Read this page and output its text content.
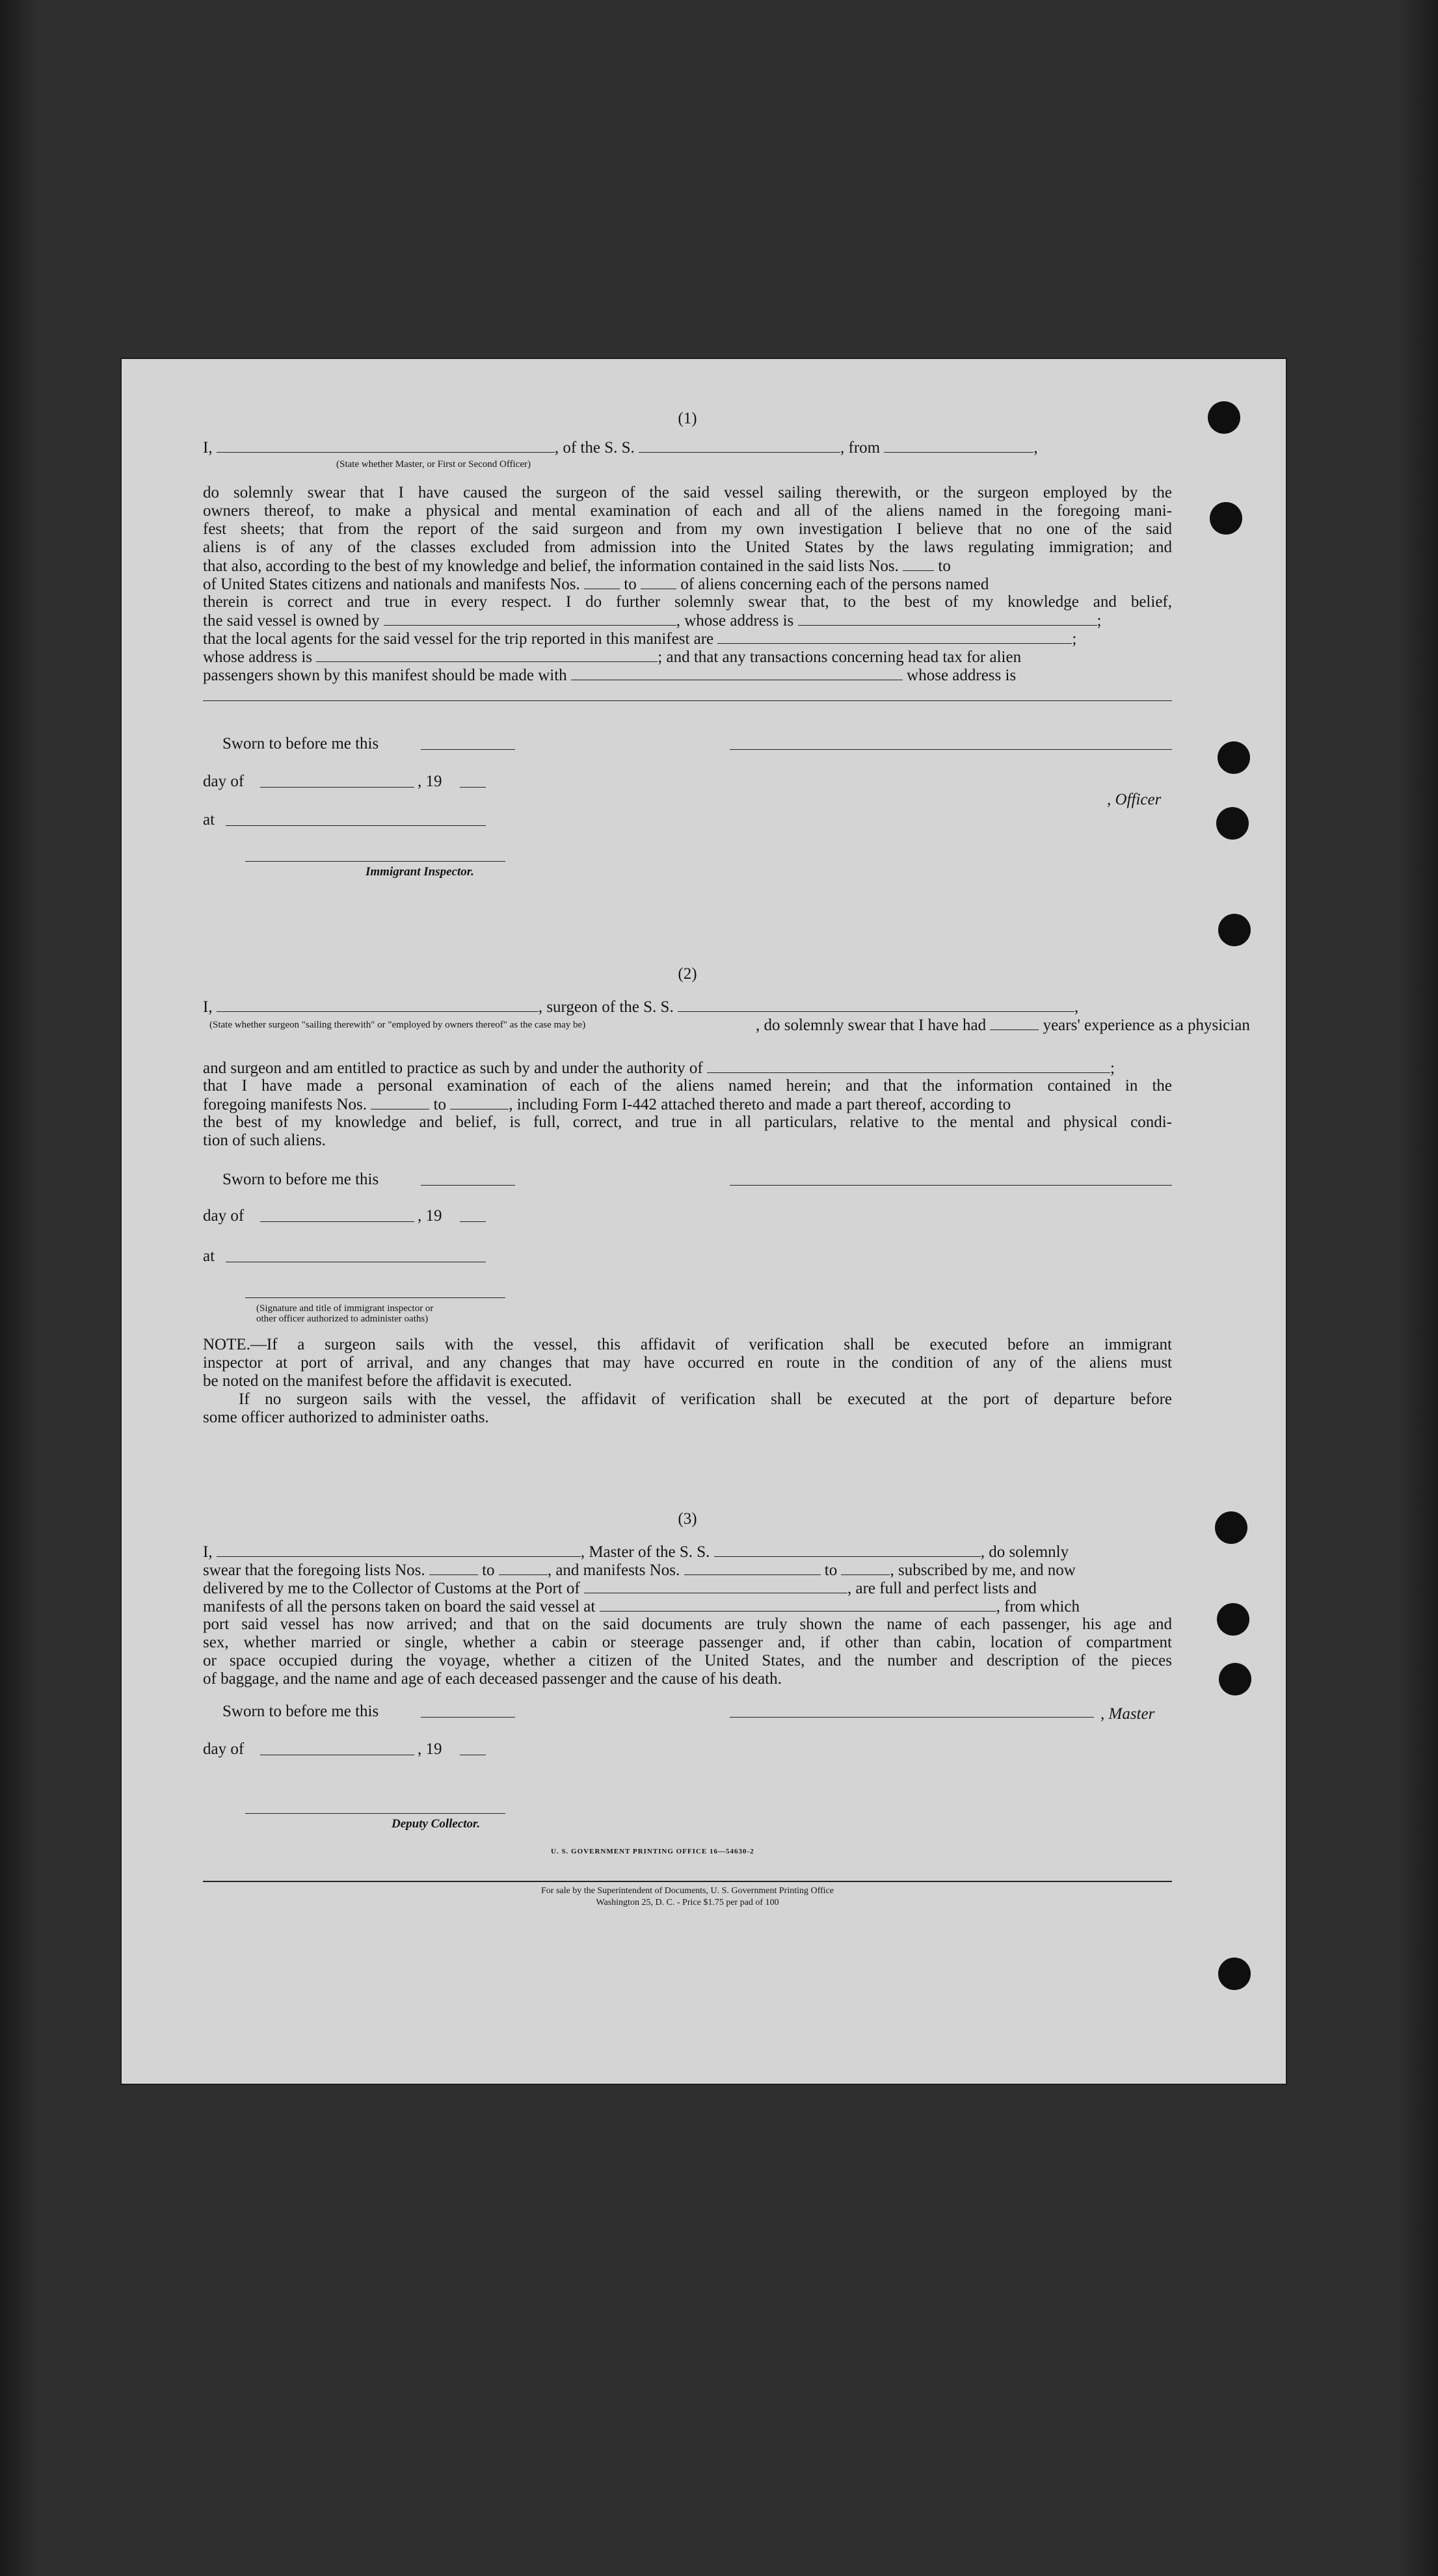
(1)
I,	, of the S. S.	, from	,
(State whether Master, or First or Second Officer)
do solemnly swear that I have caused the surgeon of the said vessel sailing therewith, or the surgeon employed by the
owners thereof, to make a physical and mental examination of each and all of the aliens named in the foregoing mani-
fest sheets; that from the report of the said surgeon and from my own investigation I believe that no one of the said
aliens is of any of the classes excluded from admission into the United States by the laws regulating immigration; and
that also, according to the best of my knowledge and belief, the information contained in the said lists Nos. to
of United States citizens and nationals and manifests Nos.	to	of aliens concerning each of the persons named
therein is correct and true in every respect. I do further solemnly swear that, to the best of my knowledge and belief,
the said vessel is owned by	, whose address is	;
that the local agents for the said vessel for the trip reported in this manifest are	;
whose address is	; and that any transactions concerning head tax for alien
passengers shown by this manifest should be made with	whose address is
Sworn to before me this
day of	, 19
, Officer
at
Immigrant Inspector.
(2)
I,	, surgeon of the S. S.	,
(State whether surgeon "sailing therewith" or "employed by owners thereof" as the case may be)	, do solemnly swear that I have had	years' experience as a physician
and surgeon and am entitled to practice as such by and under the authority of	;
that I have made a personal examination of each of the aliens named herein; and that the information contained in the
foregoing manifests Nos.	to	, including Form I-442 attached thereto and made a part thereof, according to
the best of my knowledge and belief, is full, correct, and true in all particulars, relative to the mental and physical condi-
tion of such aliens.
Sworn to before me this
day of	, 19
at
(Signature and title of immigrant inspector or
other officer authorized to administer oaths)
NOTE.—If a surgeon sails with the vessel, this affidavit of verification shall be executed before an immigrant
inspector at port of arrival, and any changes that may have occurred en route in the condition of any of the aliens must
be noted on the manifest before the affidavit is executed.
If no surgeon sails with the vessel, the affidavit of verification shall be executed at the port of departure before
some officer authorized to administer oaths.
(3)
I,	, Master of the S. S.	, do solemnly
swear that the foregoing lists Nos.	to	, and manifests Nos.	to	, subscribed by me, and now
delivered by me to the Collector of Customs at the Port of	, are full and perfect lists and
manifests of all the persons taken on board the said vessel at	, from which
port said vessel has now arrived; and that on the said documents are truly shown the name of each passenger, his age and
sex, whether married or single, whether a cabin or steerage passenger and, if other than cabin, location of compartment
or space occupied during the voyage, whether a citizen of the United States, and the number and description of the pieces
of baggage, and the name and age of each deceased passenger and the cause of his death.
Sworn to before me this	, Master
day of	, 19
Deputy Collector.
U. S. GOVERNMENT PRINTING OFFICE 16—54630-2
For sale by the Superintendent of Documents, U. S. Government Printing Office
Washington 25, D. C. - Price $1.75 per pad of 100
